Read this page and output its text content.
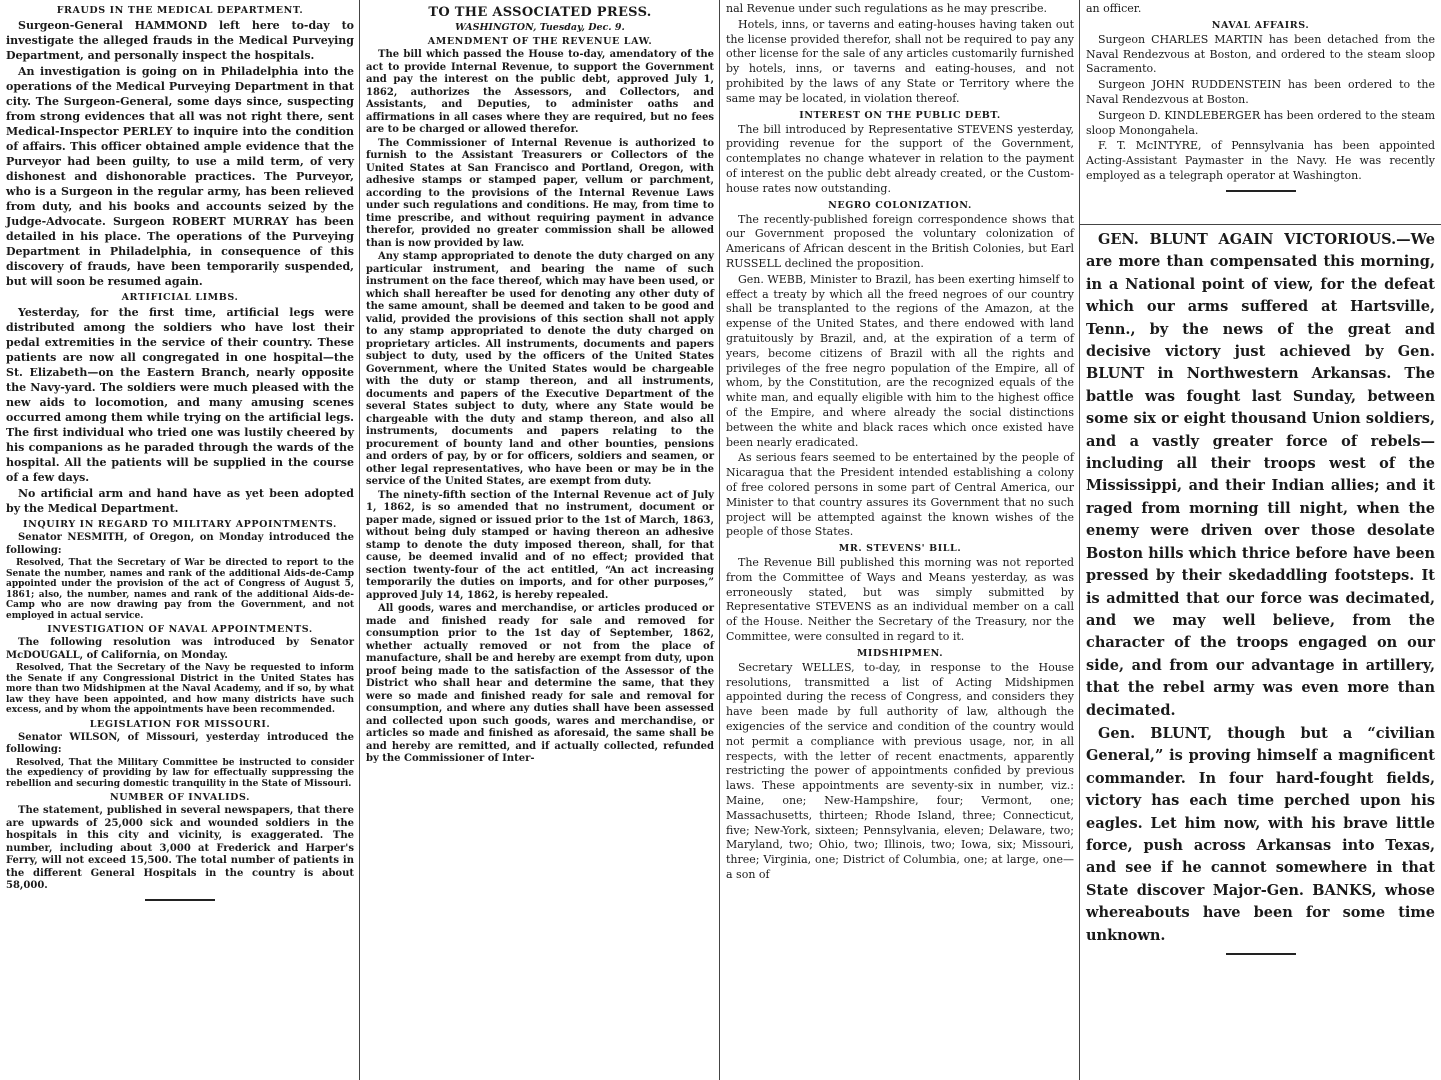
FRAUDS IN THE MEDICAL DEPARTMENT.

Surgeon-General HAMMOND left here to-day to investigate the alleged frauds in the Medical Purveying Department, and personally inspect the hospitals.

An investigation is going on in Philadelphia into the operations of the Medical Purveying Department in that city. The Surgeon-General, some days since, suspecting from strong evidences that all was not right there, sent Medical-Inspector PERLEY to inquire into the condition of affairs. This officer obtained ample evidence that the Purveyor had been guilty, to use a mild term, of very dishonest and dishonorable practices. The Purveyor, who is a Surgeon in the regular army, has been relieved from duty, and his books and accounts seized by the Judge-Advocate. Surgeon ROBERT MURRAY has been detailed in his place. The operations of the Purveying Department in Philadelphia, in consequence of this discovery of frauds, have been temporarily suspended, but will soon be resumed again.

ARTIFICIAL LIMBS.

Yesterday, for the first time, artificial legs were distributed among the soldiers who have lost their pedal extremities in the service of their country. These patients are now all congregated in one hospital—the St. Elizabeth—on the Eastern Branch, nearly opposite the Navy-yard. The soldiers were much pleased with the new aids to locomotion, and many amusing scenes occurred among them while trying on the artificial legs. The first individual who tried one was lustily cheered by his companions as he paraded through the wards of the hospital. All the patients will be supplied in the course of a few days.

No artificial arm and hand have as yet been adopted by the Medical Department.

INQUIRY IN REGARD TO MILITARY APPOINTMENTS.

Senator NESMITH, of Oregon, on Monday introduced the following:

Resolved, That the Secretary of War be directed to report to the Senate the number, names and rank of the additional Aids-de-Camp appointed under the provision of the act of Congress of August 5, 1861; also, the number, names and rank of the additional Aids-de-Camp who are now drawing pay from the Government, and not employed in actual service.

INVESTIGATION OF NAVAL APPOINTMENTS.

The following resolution was introduced by Senator McDOUGALL, of California, on Monday.

Resolved, That the Secretary of the Navy be requested to inform the Senate if any Congressional District in the United States has more than two Midshipmen at the Naval Academy, and if so, by what law they have been appointed, and how many districts have such excess, and by whom the appointments have been recommended.

LEGISLATION FOR MISSOURI.

Senator WILSON, of Missouri, yesterday introduced the following:

Resolved, That the Military Committee be instructed to consider the expediency of providing by law for effectually suppressing the rebellion and securing domestic tranquility in the State of Missouri.

NUMBER OF INVALIDS.

The statement, published in several newspapers, that there are upwards of 25,000 sick and wounded soldiers in the hospitals in this city and vicinity, is exaggerated. The number, including about 3,000 at Frederick and Harper's Ferry, will not exceed 15,500. The total number of patients in the different General Hospitals in the country is about 58,000.

TO THE ASSOCIATED PRESS.
WASHINGTON, Tuesday, Dec. 9.
AMENDMENT OF THE REVENUE LAW.

The bill which passed the House to-day, amendatory of the act to provide Internal Revenue, to support the Government and pay the interest on the public debt, approved July 1, 1862, authorizes the Assessors, and Collectors, and Assistants, and Deputies, to administer oaths and affirmations in all cases where they are required, but no fees are to be charged or allowed therefor.

The Commissioner of Internal Revenue is authorized to furnish to the Assistant Treasurers or Collectors of the United States at San Francisco and Portland, Oregon, with adhesive stamps or stamped paper, vellum or parchment, according to the provisions of the Internal Revenue Laws under such regulations and conditions. He may, from time to time prescribe, and without requiring payment in advance therefor, provided no greater commission shall be allowed than is now provided by law.

Any stamp appropriated to denote the duty charged on any particular instrument, and bearing the name of such instrument on the face thereof, which may have been used, or which shall hereafter be used for denoting any other duty of the same amount, shall be deemed and taken to be good and valid, provided the provisions of this section shall not apply to any stamp appropriated to denote the duty charged on proprietary articles. All instruments, documents and papers subject to duty, used by the officers of the United States Government, where the United States would be chargeable with the duty or stamp thereon, and all instruments, documents and papers of the Executive Department of the several States subject to duty, where any State would be chargeable with the duty and stamp thereon, and also all instruments, documents and papers relating to the procurement of bounty land and other bounties, pensions and orders of pay, by or for officers, soldiers and seamen, or other legal representatives, who have been or may be in the service of the United States, are exempt from duty.

The ninety-fifth section of the Internal Revenue act of July 1, 1862, is so amended that no instrument, document or paper made, signed or issued prior to the 1st of March, 1863, without being duly stamped or having thereon an adhesive stamp to denote the duty imposed thereon, shall, for that cause, be deemed invalid and of no effect; provided that section twenty-four of the act entitled, “An act increasing temporarily the duties on imports, and for other purposes,” approved July 14, 1862, is hereby repealed.

All goods, wares and merchandise, or articles produced or made and finished ready for sale and removed for consumption prior to the 1st day of September, 1862, whether actually removed or not from the place of manufacture, shall be and hereby are exempt from duty, upon proof being made to the satisfaction of the Assessor of the District who shall hear and determine the same, that they were so made and finished ready for sale and removal for consumption, and where any duties shall have been assessed and collected upon such goods, wares and merchandise, or articles so made and finished as aforesaid, the same shall be and hereby are remitted, and if actually collected, refunded by the Commissioner of Inter-

nal Revenue under such regulations as he may prescribe.

Hotels, inns, or taverns and eating-houses having taken out the license provided therefor, shall not be required to pay any other license for the sale of any articles customarily furnished by hotels, inns, or taverns and eating-houses, and not prohibited by the laws of any State or Territory where the same may be located, in violation thereof.

INTEREST ON THE PUBLIC DEBT.

The bill introduced by Representative STEVENS yesterday, providing revenue for the support of the Government, contemplates no change whatever in relation to the payment of interest on the public debt already created, or the Custom-house rates now outstanding.

NEGRO COLONIZATION.

The recently-published foreign correspondence shows that our Government proposed the voluntary colonization of Americans of African descent in the British Colonies, but Earl RUSSELL declined the proposition.

Gen. WEBB, Minister to Brazil, has been exerting himself to effect a treaty by which all the freed negroes of our country shall be transplanted to the regions of the Amazon, at the expense of the United States, and there endowed with land gratuitously by Brazil, and, at the expiration of a term of years, become citizens of Brazil with all the rights and privileges of the free negro population of the Empire, all of whom, by the Constitution, are the recognized equals of the white man, and equally eligible with him to the highest office of the Empire, and where already the social distinctions between the white and black races which once existed have been nearly eradicated.

As serious fears seemed to be entertained by the people of Nicaragua that the President intended establishing a colony of free colored persons in some part of Central America, our Minister to that country assures its Government that no such project will be attempted against the known wishes of the people of those States.

MR. STEVENS' BILL.

The Revenue Bill published this morning was not reported from the Committee of Ways and Means yesterday, as was erroneously stated, but was simply submitted by Representative STEVENS as an individual member on a call of the House. Neither the Secretary of the Treasury, nor the Committee, were consulted in regard to it.

MIDSHIPMEN.

Secretary WELLES, to-day, in response to the House resolutions, transmitted a list of Acting Midshipmen appointed during the recess of Congress, and considers they have been made by full authority of law, although the exigencies of the service and condition of the country would not permit a compliance with previous usage, nor, in all respects, with the letter of recent enactments, apparently restricting the power of appointments confided by previous laws. These appointments are seventy-six in number, viz.: Maine, one; New-Hampshire, four; Vermont, one; Massachusetts, thirteen; Rhode Island, three; Connecticut, five; New-York, sixteen; Pennsylvania, eleven; Delaware, two; Maryland, two; Ohio, two; Illinois, two; Iowa, six; Missouri, three; Virginia, one; District of Columbia, one; at large, one—a son of

an officer.

NAVAL AFFAIRS.

Surgeon CHARLES MARTIN has been detached from the Naval Rendezvous at Boston, and ordered to the steam sloop Sacramento.

Surgeon JOHN RUDDENSTEIN has been ordered to the Naval Rendezvous at Boston.

Surgeon D. KINDLEBERGER has been ordered to the steam sloop Monongahela.

F. T. McINTYRE, of Pennsylvania has been appointed Acting-Assistant Paymaster in the Navy. He was recently employed as a telegraph operator at Washington.

GEN. BLUNT AGAIN VICTORIOUS.—We are more than compensated this morning, in a National point of view, for the defeat which our arms suffered at Hartsville, Tenn., by the news of the great and decisive victory just achieved by Gen. BLUNT in Northwestern Arkansas. The battle was fought last Sunday, between some six or eight thousand Union soldiers, and a vastly greater force of rebels—including all their troops west of the Mississippi, and their Indian allies; and it raged from morning till night, when the enemy were driven over those desolate Boston hills which thrice before have been pressed by their skedaddling footsteps. It is admitted that our force was decimated, and we may well believe, from the character of the troops engaged on our side, and from our advantage in artillery, that the rebel army was even more than decimated.

Gen. BLUNT, though but a “civilian General,” is proving himself a magnificent commander. In four hard-fought fields, victory has each time perched upon his eagles. Let him now, with his brave little force, push across Arkansas into Texas, and see if he cannot somewhere in that State discover Major-Gen. BANKS, whose whereabouts have been for some time unknown.
